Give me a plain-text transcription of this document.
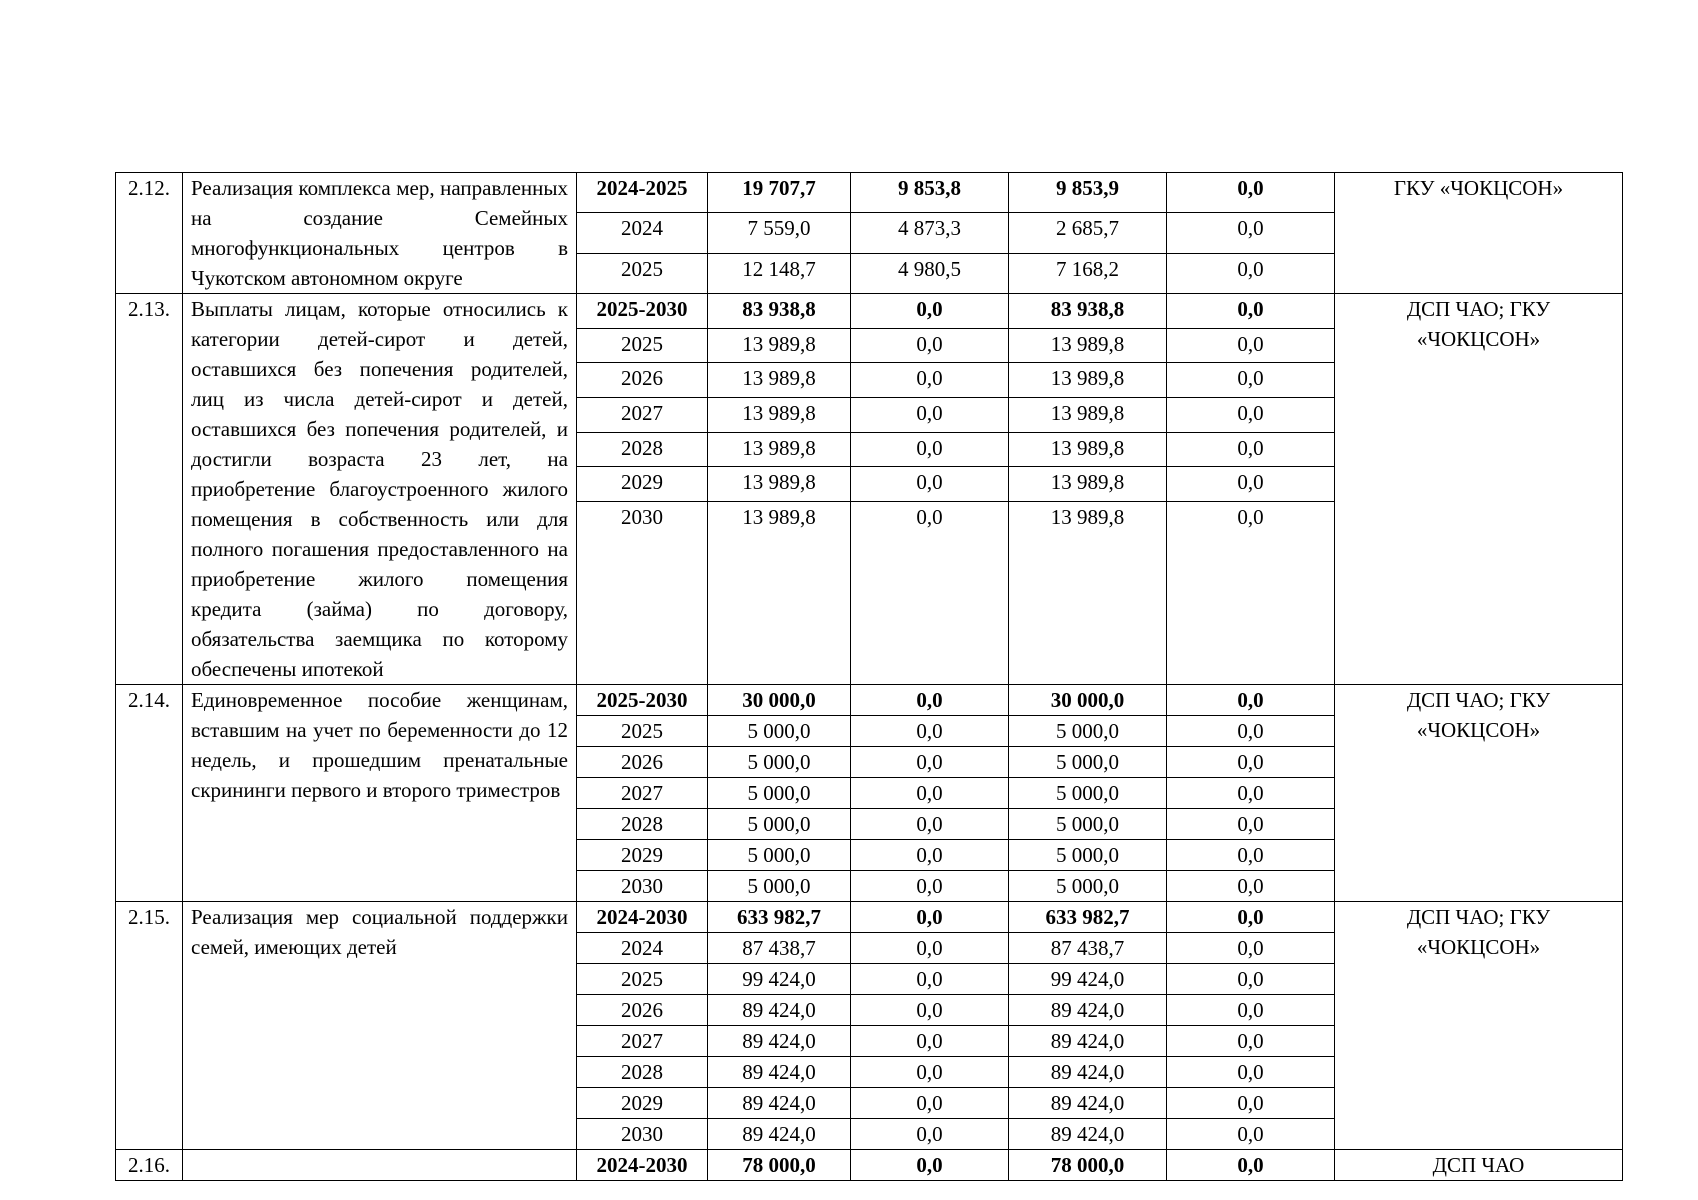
2.12.	Реализация комплекса мер, направленных на создание Семейных многофункциональных центров в Чукотском автономном округе	2024-2025	19 707,7	9 853,8	9 853,9	0,0	ГКУ «ЧОКЦСОН»
		2024	7 559,0	4 873,3	2 685,7	0,0	
		2025	12 148,7	4 980,5	7 168,2	0,0	
2.13.	Выплаты лицам, которые относились к категории детей-сирот и детей, оставшихся без попечения родителей, лиц из числа детей-сирот и детей, оставшихся без попечения родителей, и достигли возраста 23 лет, на приобретение благоустроенного жилого помещения в собственность или для полного погашения предоставленного на приобретение жилого помещения кредита (займа) по договору, обязательства заемщика по которому обеспечены ипотекой	2025-2030	83 938,8	0,0	83 938,8	0,0	ДСП ЧАО; ГКУ «ЧОКЦСОН»
		2025	13 989,8	0,0	13 989,8	0,0	
		2026	13 989,8	0,0	13 989,8	0,0	
		2027	13 989,8	0,0	13 989,8	0,0	
		2028	13 989,8	0,0	13 989,8	0,0	
		2029	13 989,8	0,0	13 989,8	0,0	
		2030	13 989,8	0,0	13 989,8	0,0	

2.14.	Единовременное пособие женщинам, вставшим на учет по беременности до 12 недель, и прошедшим пренатальные скрининги первого и второго триместров	2025-2030	30 000,0	0,0	30 000,0	0,0	ДСП ЧАО; ГКУ «ЧОКЦСОН»
		2025	5 000,0	0,0	5 000,0	0,0	
		2026	5 000,0	0,0	5 000,0	0,0	
		2027	5 000,0	0,0	5 000,0	0,0	
		2028	5 000,0	0,0	5 000,0	0,0	
		2029	5 000,0	0,0	5 000,0	0,0	
		2030	5 000,0	0,0	5 000,0	0,0	
2.15.	Реализация мер социальной поддержки семей, имеющих детей	2024-2030	633 982,7	0,0	633 982,7	0,0	ДСП ЧАО; ГКУ «ЧОКЦСОН»
		2024	87 438,7	0,0	87 438,7	0,0	
		2025	99 424,0	0,0	99 424,0	0,0	
		2026	89 424,0	0,0	89 424,0	0,0	
		2027	89 424,0	0,0	89 424,0	0,0	
		2028	89 424,0	0,0	89 424,0	0,0	
		2029	89 424,0	0,0	89 424,0	0,0	
		2030	89 424,0	0,0	89 424,0	0,0	
2.16.		2024-2030	78 000,0	0,0	78 000,0	0,0	ДСП ЧАО
